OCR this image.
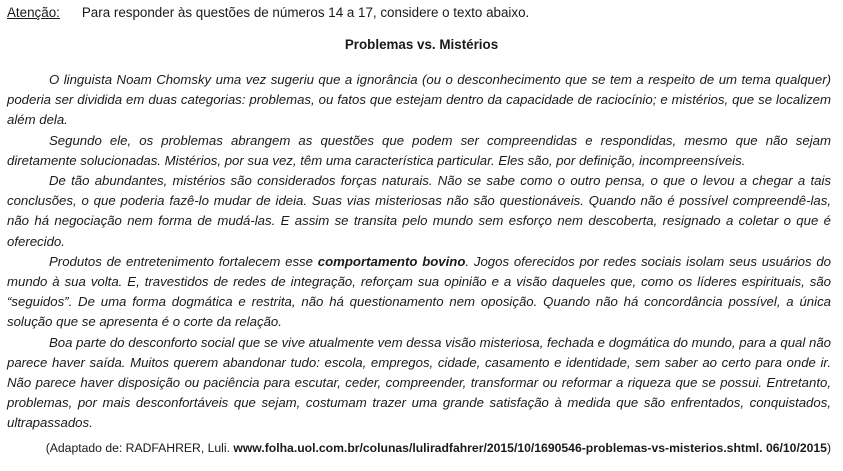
Atenção: Para responder às questões de números 14 a 17, considere o texto abaixo.
Problemas vs. Mistérios

O linguista Noam Chomsky uma vez sugeriu que a ignorância (ou o desconhecimento que se tem a respeito de um tema qualquer) poderia ser dividida em duas categorias: problemas, ou fatos que estejam dentro da capacidade de raciocínio; e mistérios, que se localizem além dela.

Segundo ele, os problemas abrangem as questões que podem ser compreendidas e respondidas, mesmo que não sejam diretamente solucionadas. Mistérios, por sua vez, têm uma característica particular. Eles são, por definição, incompreensíveis.

De tão abundantes, mistérios são considerados forças naturais. Não se sabe como o outro pensa, o que o levou a chegar a tais conclusões, o que poderia fazê-lo mudar de ideia. Suas vias misteriosas não são questionáveis. Quando não é possível compreendê-las, não há negociação nem forma de mudá-las. E assim se transita pelo mundo sem esforço nem descoberta, resignado a coletar o que é oferecido.

Produtos de entretenimento fortalecem esse comportamento bovino. Jogos oferecidos por redes sociais isolam seus usuários do mundo à sua volta. E, travestidos de redes de integração, reforçam sua opinião e a visão daqueles que, como os líderes espirituais, são “seguidos”. De uma forma dogmática e restrita, não há questionamento nem oposição. Quando não há concordância possível, a única solução que se apresenta é o corte da relação.

Boa parte do desconforto social que se vive atualmente vem dessa visão misteriosa, fechada e dogmática do mundo, para a qual não parece haver saída. Muitos querem abandonar tudo: escola, empregos, cidade, casamento e identidade, sem saber ao certo para onde ir. Não parece haver disposição ou paciência para escutar, ceder, compreender, transformar ou reformar a riqueza que se possui. Entretanto, problemas, por mais desconfortáveis que sejam, costumam trazer uma grande satisfação à medida que são enfrentados, conquistados, ultrapassados.

(Adaptado de: RADFAHRER, Luli. www.folha.uol.com.br/colunas/luliradfahrer/2015/10/1690546-problemas-vs-misterios.shtml. 06/10/2015)
